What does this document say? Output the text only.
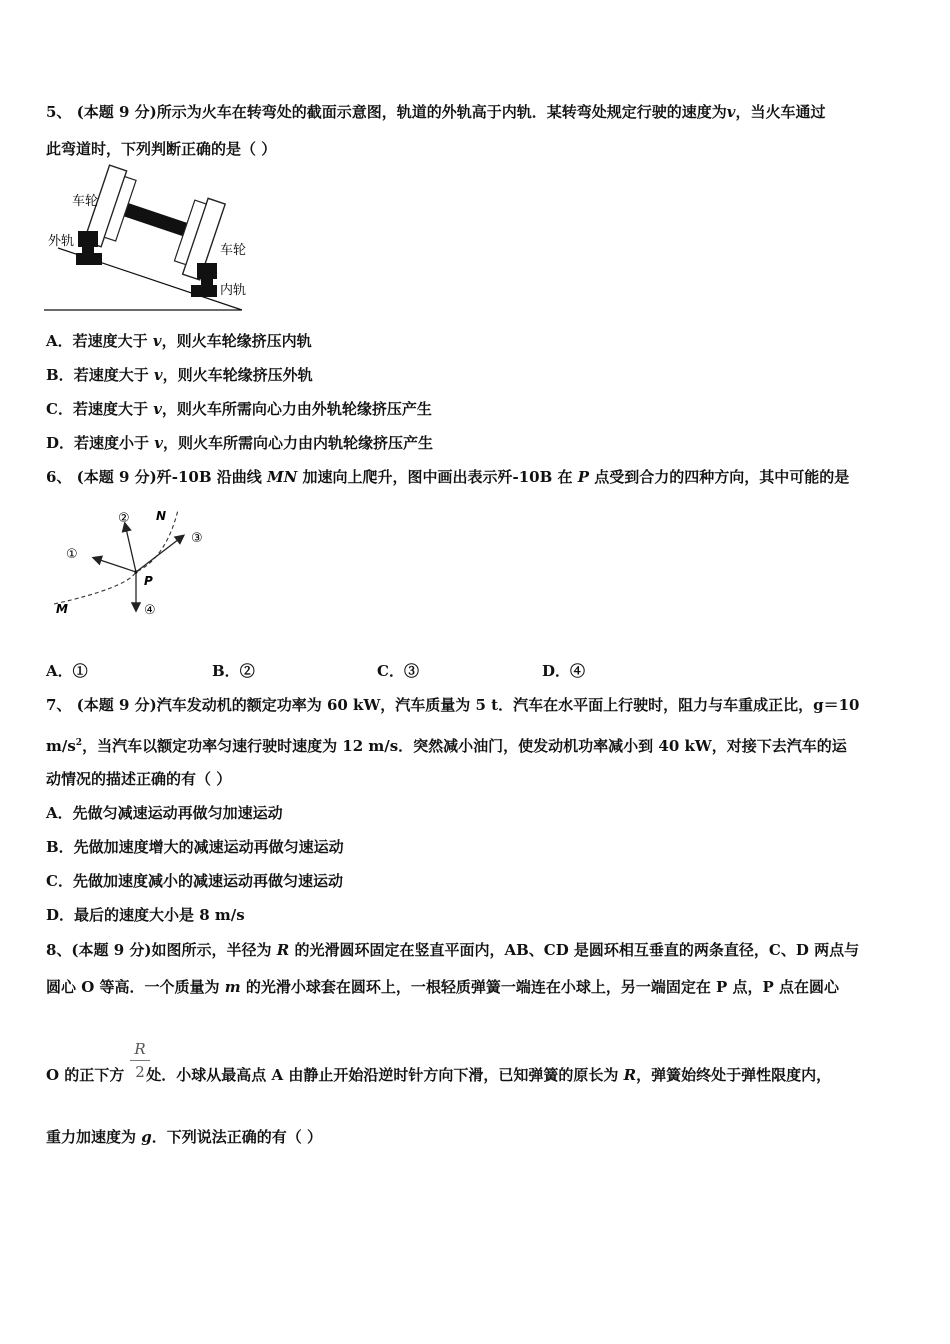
5、 (本题 9 分)所示为火车在转弯处的截面示意图，轨道的外轨高于内轨．某转弯处规定行驶的速度为v，当火车通过
此弯道时，下列判断正确的是（ ）
车轮
外轨
车轮
内轨
A．若速度大于 v，则火车轮缘挤压内轨
B．若速度大于 v，则火车轮缘挤压外轨
C．若速度大于 v，则火车所需向心力由外轨轮缘挤压产生
D．若速度小于 v，则火车所需向心力由内轨轮缘挤压产生
6、 (本题 9 分)歼-10B 沿曲线 MN 加速向上爬升，图中画出表示歼-10B 在 P 点受到合力的四种方向，其中可能的是
①
②
③
④
N
M
P
A．①	B．②	C．③	D．④
7、 (本题 9 分)汽车发动机的额定功率为 60 kW，汽车质量为 5 t．汽车在水平面上行驶时，阻力与车重成正比，g＝10
$m/s^2$，当汽车以额定功率匀速行驶时速度为 12 m/s．突然减小油门，使发动机功率减小到 40 kW，对接下去汽车的运
动情况的描述正确的有（ ）
A．先做匀减速运动再做匀加速运动
B．先做加速度增大的减速运动再做匀速运动
C．先做加速度减小的减速运动再做匀速运动
D．最后的速度大小是 8 m/s
8、(本题 9 分)如图所示，半径为 R 的光滑圆环固定在竖直平面内，AB、CD 是圆环相互垂直的两条直径，C、D 两点与
圆心 O 等高．一个质量为 m 的光滑小球套在圆环上，一根轻质弹簧一端连在小球上，另一端固定在 P 点，P 点在圆心
R
2
O 的正下方 处．小球从最高点 A 由静止开始沿逆时针方向下滑，已知弹簧的原长为 R，弹簧始终处于弹性限度内，
重力加速度为 g．下列说法正确的有（ ）
